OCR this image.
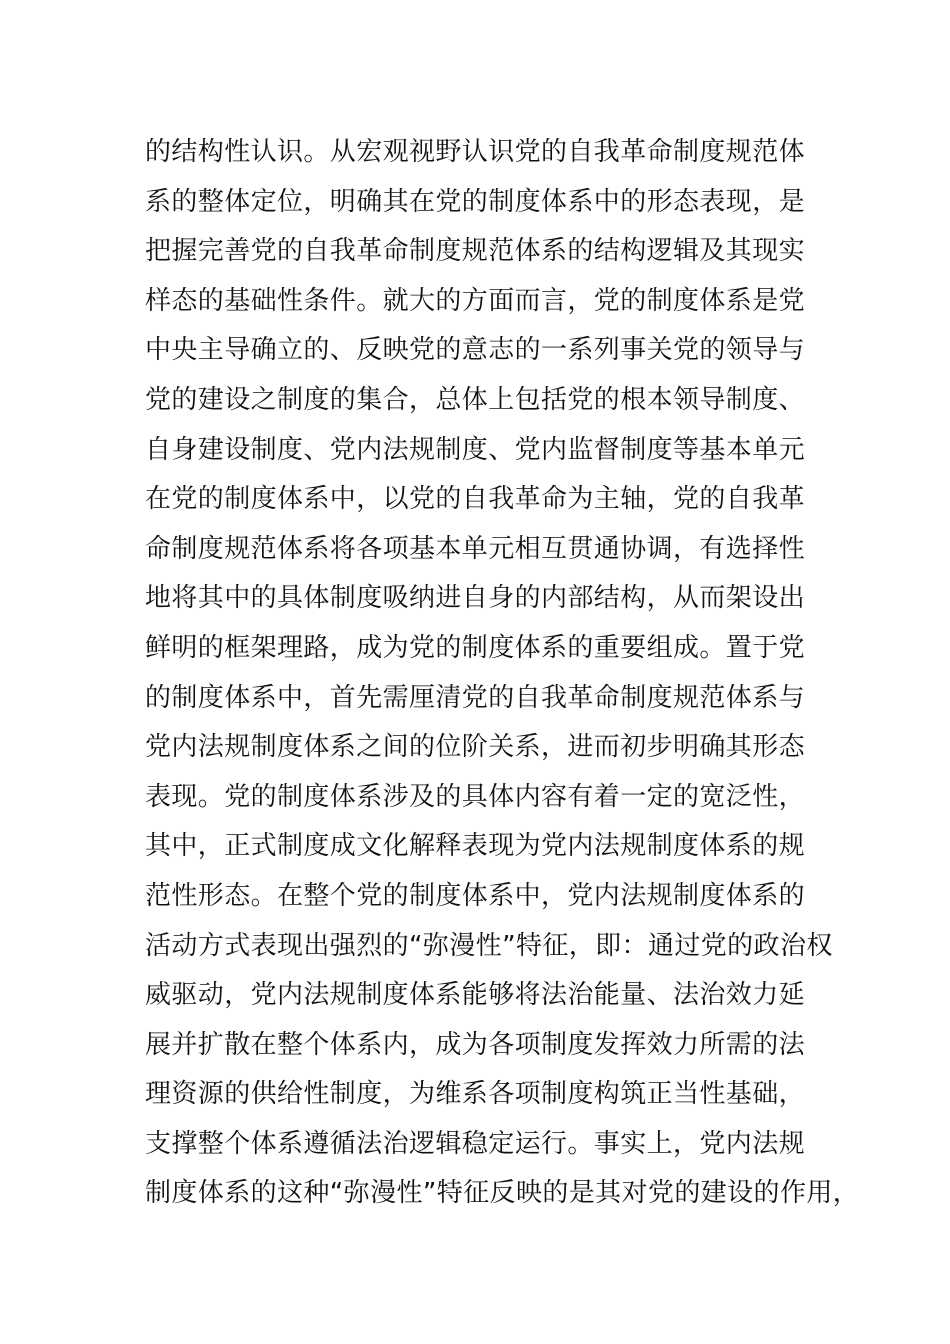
的结构性认识。从宏观视野认识党的自我革命制度规范体
系的整体定位，明确其在党的制度体系中的形态表现，是
把握完善党的自我革命制度规范体系的结构逻辑及其现实
样态的基础性条件。就大的方面而言，党的制度体系是党
中央主导确立的、反映党的意志的一系列事关党的领导与
党的建设之制度的集合，总体上包括党的根本领导制度、
自身建设制度、党内法规制度、党内监督制度等基本单元
在党的制度体系中，以党的自我革命为主轴，党的自我革
命制度规范体系将各项基本单元相互贯通协调，有选择性
地将其中的具体制度吸纳进自身的内部结构，从而架设出
鲜明的框架理路，成为党的制度体系的重要组成。置于党
的制度体系中，首先需厘清党的自我革命制度规范体系与
党内法规制度体系之间的位阶关系，进而初步明确其形态
表现。党的制度体系涉及的具体内容有着一定的宽泛性，
其中，正式制度成文化解释表现为党内法规制度体系的规
范性形态。在整个党的制度体系中，党内法规制度体系的
活动方式表现出强烈的“弥漫性”特征，即：通过党的政治权
威驱动，党内法规制度体系能够将法治能量、法治效力延
展并扩散在整个体系内，成为各项制度发挥效力所需的法
理资源的供给性制度，为维系各项制度构筑正当性基础，
支撑整个体系遵循法治逻辑稳定运行。事实上，党内法规
制度体系的这种“弥漫性”特征反映的是其对党的建设的作用，
